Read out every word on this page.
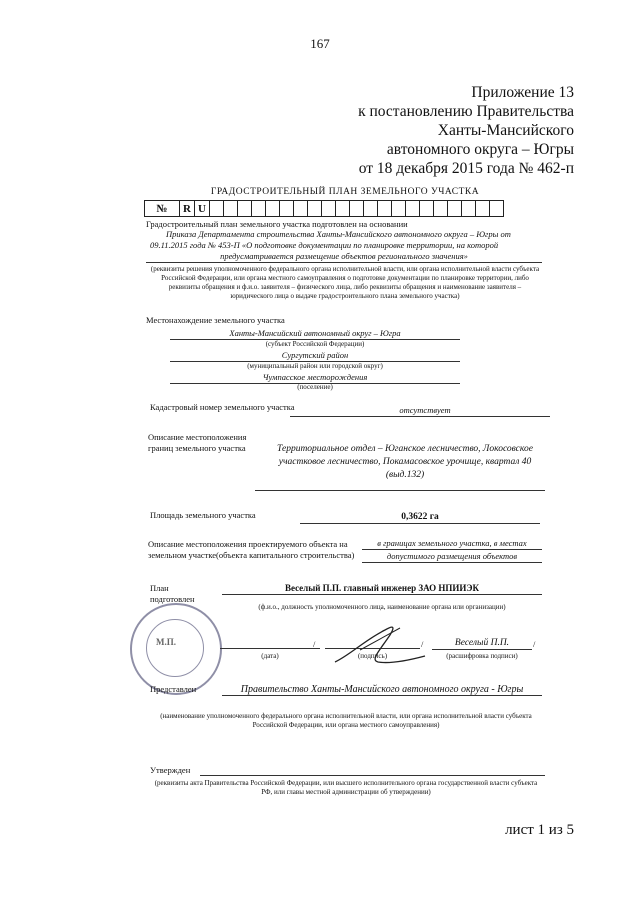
167
Приложение 13
к постановлению Правительства
Ханты-Мансийского
автономного округа – Югры
от 18 декабря 2015 года № 462-п
ГРАДОСТРОИТЕЛЬНЫЙ ПЛАН ЗЕМЕЛЬНОГО УЧАСТКА
№	R	U																					
Градостроительный план земельного участка подготовлен на основании
Приказа Департамента строительства Ханты-Мансийского автономного округа – Югры от
09.11.2015 года № 453-П «О подготовке документации по планировке территории, на которой
предусматривается размещение объектов регионального значения»
(реквизиты решения уполномоченного федерального органа исполнительной власти, или органа исполнительной власти субъекта
Российской Федерации, или органа местного самоуправления о подготовке документации по планировке территории, либо
реквизиты обращения и ф.и.о. заявителя – физического лица, либо реквизиты обращения и наименование заявителя –
юридического лица о выдаче градостроительного плана земельного участка)
Местонахождение земельного участка
Ханты-Мансийский автономный округ – Югра
(субъект Российской Федерации)
Сургутский район
(муниципальный район или городской округ)
Чумпасское месторождения
(поселение)
Кадастровый номер земельного участка	отсутствует
Описание местоположения
границ земельного участка	Территориальное отдел – Юганское лесничество, Локосовское
участковое лесничество, Покамасовское урочище, квартал 40
(выд.132)
Площадь земельного участка	0,3622 га
Описание местоположения проектируемого объекта на
земельном участке(объекта капитального строительства)
в границах земельного участка, в местах
допустимого размещения объектов
План
подготовлен
Веселый П.П. главный инженер ЗАО НПИИЭК
(ф.и.о., должность уполномоченного лица, наименование органа или организации)
М.П.	/	/	Веселый П.П.	/
(дата)	(подпись)	(расшифровка подписи)
Представлен	Правительство Ханты-Мансийского автономного округа - Югры
(наименование уполномоченного федерального органа исполнительной власти, или органа исполнительной власти субъекта
Российской Федерации, или органа местного самоуправления)
Утвержден
(реквизиты акта Правительства Российской Федерации, или высшего исполнительного органа государственной власти субъекта
РФ, или главы местной администрации об утверждении)
лист 1 из 5
